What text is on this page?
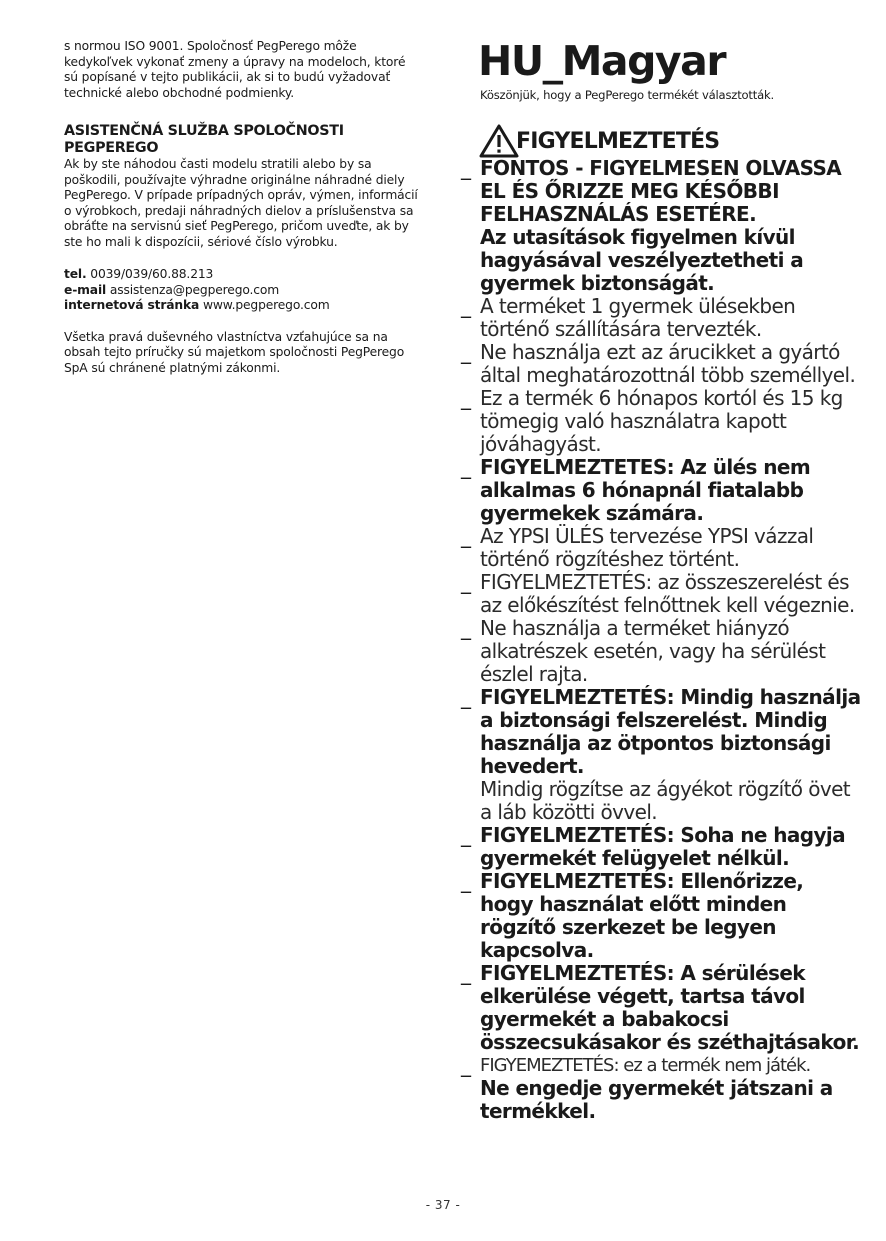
s normou ISO 9001. Spoločnosť PegPerego môže kedykoľvek vykonať zmeny a úpravy na modeloch, ktoré sú popísané v tejto publikácii, ak si to budú vyžadovať technické alebo obchodné podmienky.

ASISTENČNÁ SLUŽBA SPOLOČNOSTI PEGPEREGO

Ak by ste náhodou časti modelu stratili alebo by sa poškodili, používajte výhradne originálne náhradné diely PegPerego. V prípade prípadných opráv, výmen, informácií o výrobkoch, predaji náhradných dielov a príslušenstva sa obráťte na servisnú sieť PegPerego, pričom uveďte, ak by ste ho mali k dispozícii, sériové číslo výrobku.

tel. 0039/039/60.88.213

e-mail assistenza@pegperego.com

internetová stránka www.pegperego.com

Všetka pravá duševného vlastníctva vzťahujúce sa na obsah tejto príručky sú majetkom spoločnosti PegPerego SpA sú chránené platnými zákonmi.

HU_Magyar
Köszönjük, hogy a PegPerego termékét választották.
FIGYELMEZTETÉS
_ FONTOS - FIGYELMESEN OLVASSA EL ÉS ŐRIZZE MEG KÉSŐBBI FELHASZNÁLÁS ESETÉRE.
Az utasítások figyelmen kívül hagyásával veszélyeztetheti a gyermek biztonságát.
_ A terméket 1 gyermek ülésekben történő szállítására tervezték.
_ Ne használja ezt az árucikket a gyártó által meghatározottnál több személlyel.
_ Ez a termék 6 hónapos kortól és 15 kg tömegig való használatra kapott jóváhagyást.
_ FIGYELMEZTETES: Az ülés nem alkalmas 6 hónapnál fiatalabb gyermekek számára.
_ Az YPSI ÜLÉS tervezése YPSI vázzal történő rögzítéshez történt.
_ FIGYELMEZTETÉS: az összeszerelést és az előkészítést felnőttnek kell végeznie.
_ Ne használja a terméket hiányzó alkatrészek esetén, vagy ha sérülést észlel rajta.
_ FIGYELMEZTETÉS: Mindig használja a biztonsági felszerelést. Mindig használja az ötpontos biztonsági hevedert.
Mindig rögzítse az ágyékot rögzítő övet a láb közötti övvel.
_ FIGYELMEZTETÉS: Soha ne hagyja gyermekét felügyelet nélkül.
_ FIGYELMEZTETÉS: Ellenőrizze, hogy használat előtt minden rögzítő szerkezet be legyen kapcsolva.
_ FIGYELMEZTETÉS: A sérülések elkerülése végett, tartsa távol gyermekét a babakocsi összecsukásakor és széthajtásakor.
_ FIGYEMEZTETÉS: ez a termék nem játék.
Ne engedje gyermekét játszani a termékkel.
- 37 -
